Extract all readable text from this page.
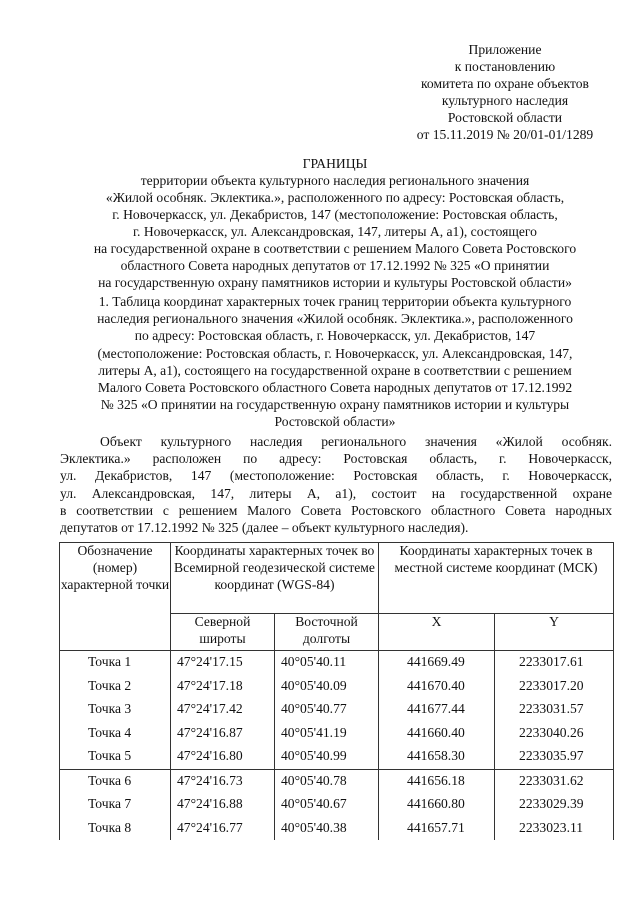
Приложение
к постановлению
комитета по охране объектов
культурного наследия
Ростовской области
от 15.11.2019 № 20/01-01/1289
ГРАНИЦЫ
территории объекта культурного наследия регионального значения
«Жилой особняк. Эклектика.», расположенного по адресу: Ростовская область,
г. Новочеркасск, ул. Декабристов, 147 (местоположение: Ростовская область,
г. Новочеркасск, ул. Александровская, 147, литеры А, а1), состоящего
на государственной охране в соответствии с решением Малого Совета Ростовского
областного Совета народных депутатов от 17.12.1992 № 325 «О принятии
на государственную охрану памятников истории и культуры Ростовской области»
1. Таблица координат характерных точек границ территории объекта культурного
наследия регионального значения «Жилой особняк. Эклектика.», расположенного
по адресу: Ростовская область, г. Новочеркасск, ул. Декабристов, 147
(местоположение: Ростовская область, г. Новочеркасск, ул. Александровская, 147,
литеры А, а1), состоящего на государственной охране в соответствии с решением
Малого Совета Ростовского областного Совета народных депутатов от 17.12.1992
№ 325 «О принятии на государственную охрану памятников истории и культуры
Ростовской области»
Объект культурного наследия регионального значения «Жилой особняк.
Эклектика.» расположен по адресу: Ростовская область, г. Новочеркасск,
ул. Декабристов, 147 (местоположение: Ростовская область, г. Новочеркасск,
ул. Александровская, 147, литеры А, а1), состоит на государственной охране
в соответствии с решением Малого Совета Ростовского областного Совета народных
депутатов от 17.12.1992 № 325 (далее – объект культурного наследия).
Обозначение (номер) характерной точки	Координаты характерных точек во Всемирной геодезической системе координат (WGS-84)		Координаты характерных точек в местной системе координат (МСК)	
	Северной широты	Восточной долготы	X	Y
Точка 1	47°24'17.15	40°05'40.11	441669.49	2233017.61
Точка 2	47°24'17.18	40°05'40.09	441670.40	2233017.20
Точка 3	47°24'17.42	40°05'40.77	441677.44	2233031.57
Точка 4	47°24'16.87	40°05'41.19	441660.40	2233040.26
Точка 5	47°24'16.80	40°05'40.99	441658.30	2233035.97
Точка 6	47°24'16.73	40°05'40.78	441656.18	2233031.62
Точка 7	47°24'16.88	40°05'40.67	441660.80	2233029.39
Точка 8	47°24'16.77	40°05'40.38	441657.71	2233023.11
